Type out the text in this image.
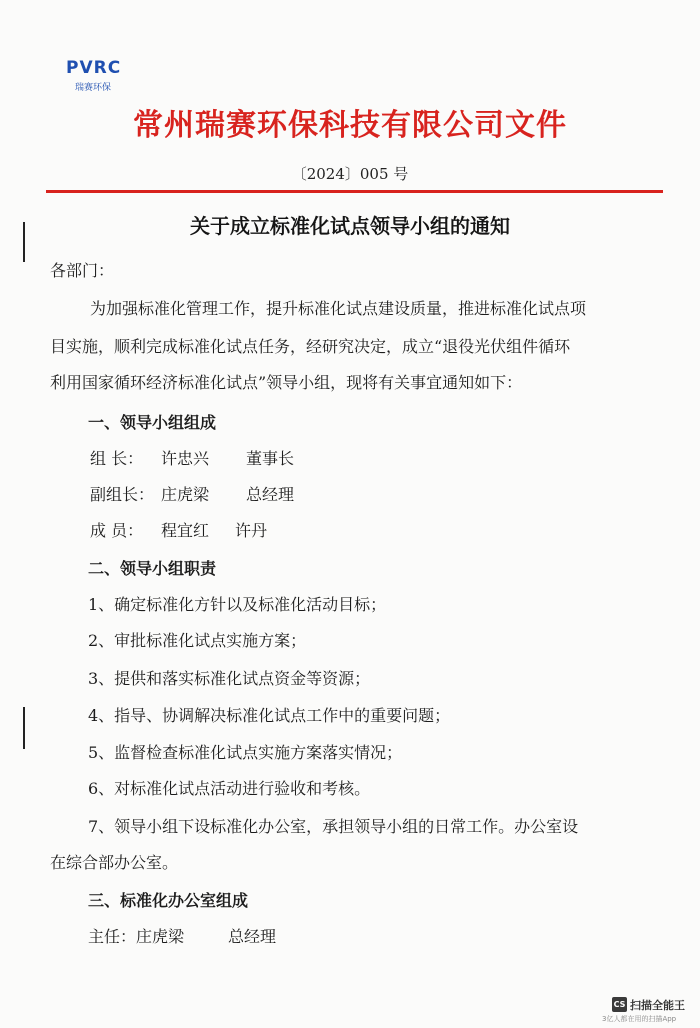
PVRC
瑞赛环保
常州瑞赛环保科技有限公司文件
〔2024〕005 号
关于成立标准化试点领导小组的通知
各部门：
为加强标准化管理工作，提升标准化试点建设质量，推进标准化试点项
目实施，顺利完成标准化试点任务，经研究决定，成立“退役光伏组件循环
利用国家循环经济标准化试点”领导小组，现将有关事宜通知如下：
一、领导小组组成
组 长： 许忠兴 董事长
副组长： 庄虎梁 总经理
成 员： 程宜红 许丹
二、领导小组职责
1、确定标准化方针以及标准化活动目标；
2、审批标准化试点实施方案；
3、提供和落实标准化试点资金等资源；
4、指导、协调解决标准化试点工作中的重要问题；
5、监督检查标准化试点实施方案落实情况；
6、对标准化试点活动进行验收和考核。
7、领导小组下设标准化办公室，承担领导小组的日常工作。办公室设
在综合部办公室。
三、标准化办公室组成
主任：庄虎梁	总经理
CS 扫描全能王
3亿人都在用的扫描App
